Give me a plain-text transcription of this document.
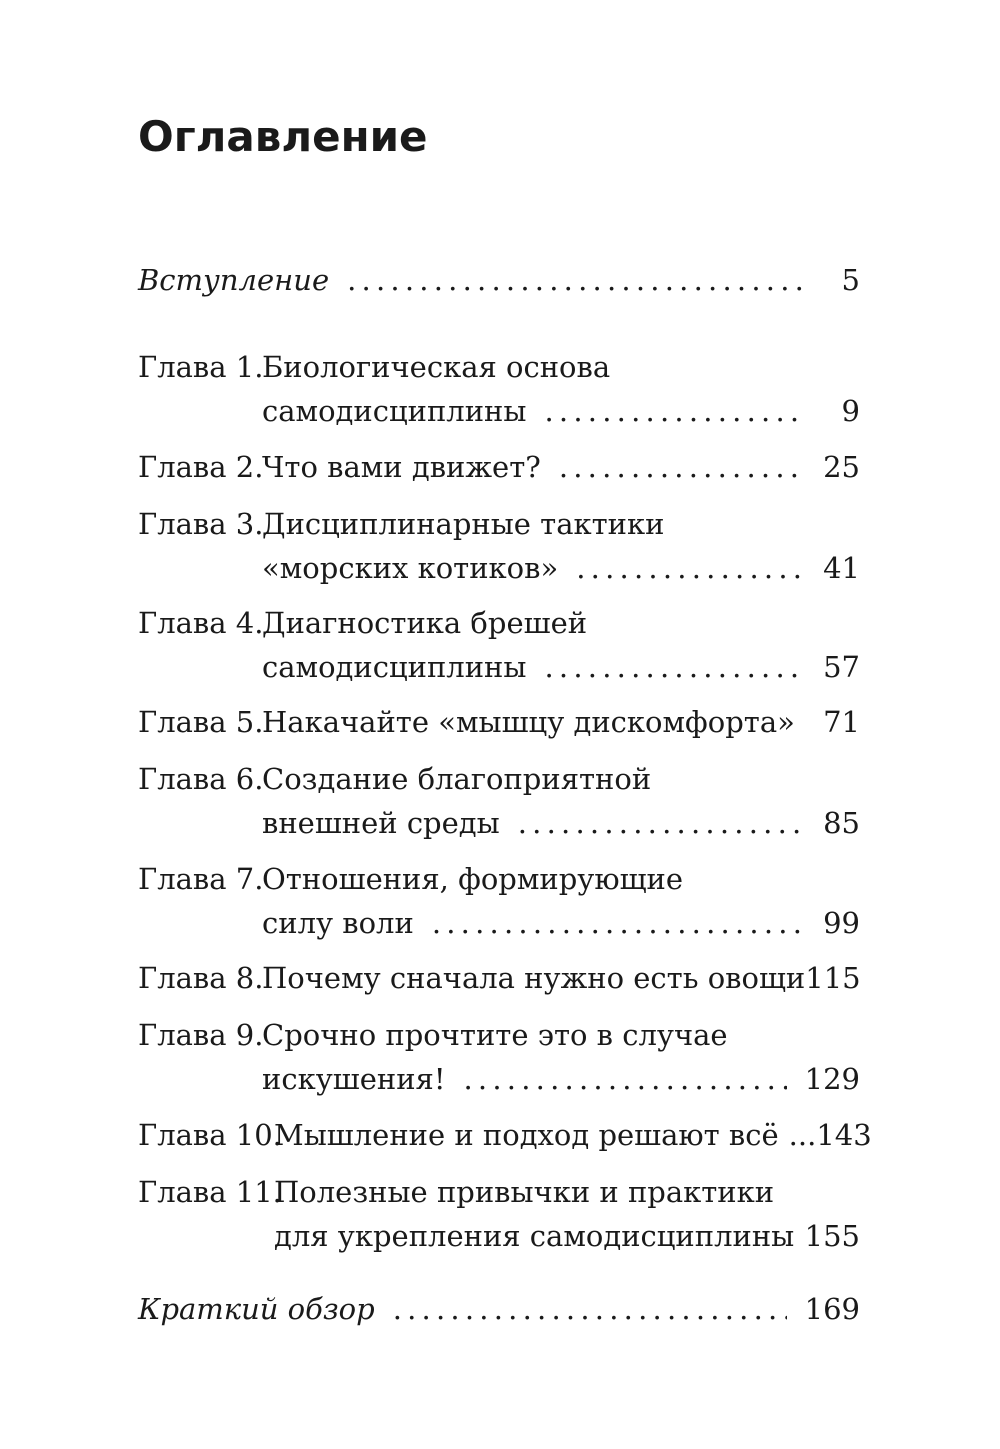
Оглавление
Вступление . . .	5
Глава 1.
Биологическая основа
самодисциплины . . .	9
Глава 2.
Что вами движет? . . .	25
Глава 3.
Дисциплинарные тактики
«морских котиков» . . .	41
Глава 4.
Диагностика брешей
самодисциплины . . .	57
Глава 5.
Накачайте «мышцу дискомфорта» 71
Глава 6.
Создание благоприятной
внешней среды . . .	85
Глава 7.
Отношения, формирующие
силу воли . . .	99
Глава 8.
Почему сначала нужно есть овощи 115
Глава 9.
Срочно прочтите это в случае
искушения! . . .	129
Глава 10.
Мышление и подход решают всё ... 143
Глава 11.
Полезные привычки и практики
для укрепления самодисциплины 155
Краткий обзор . . .	169
